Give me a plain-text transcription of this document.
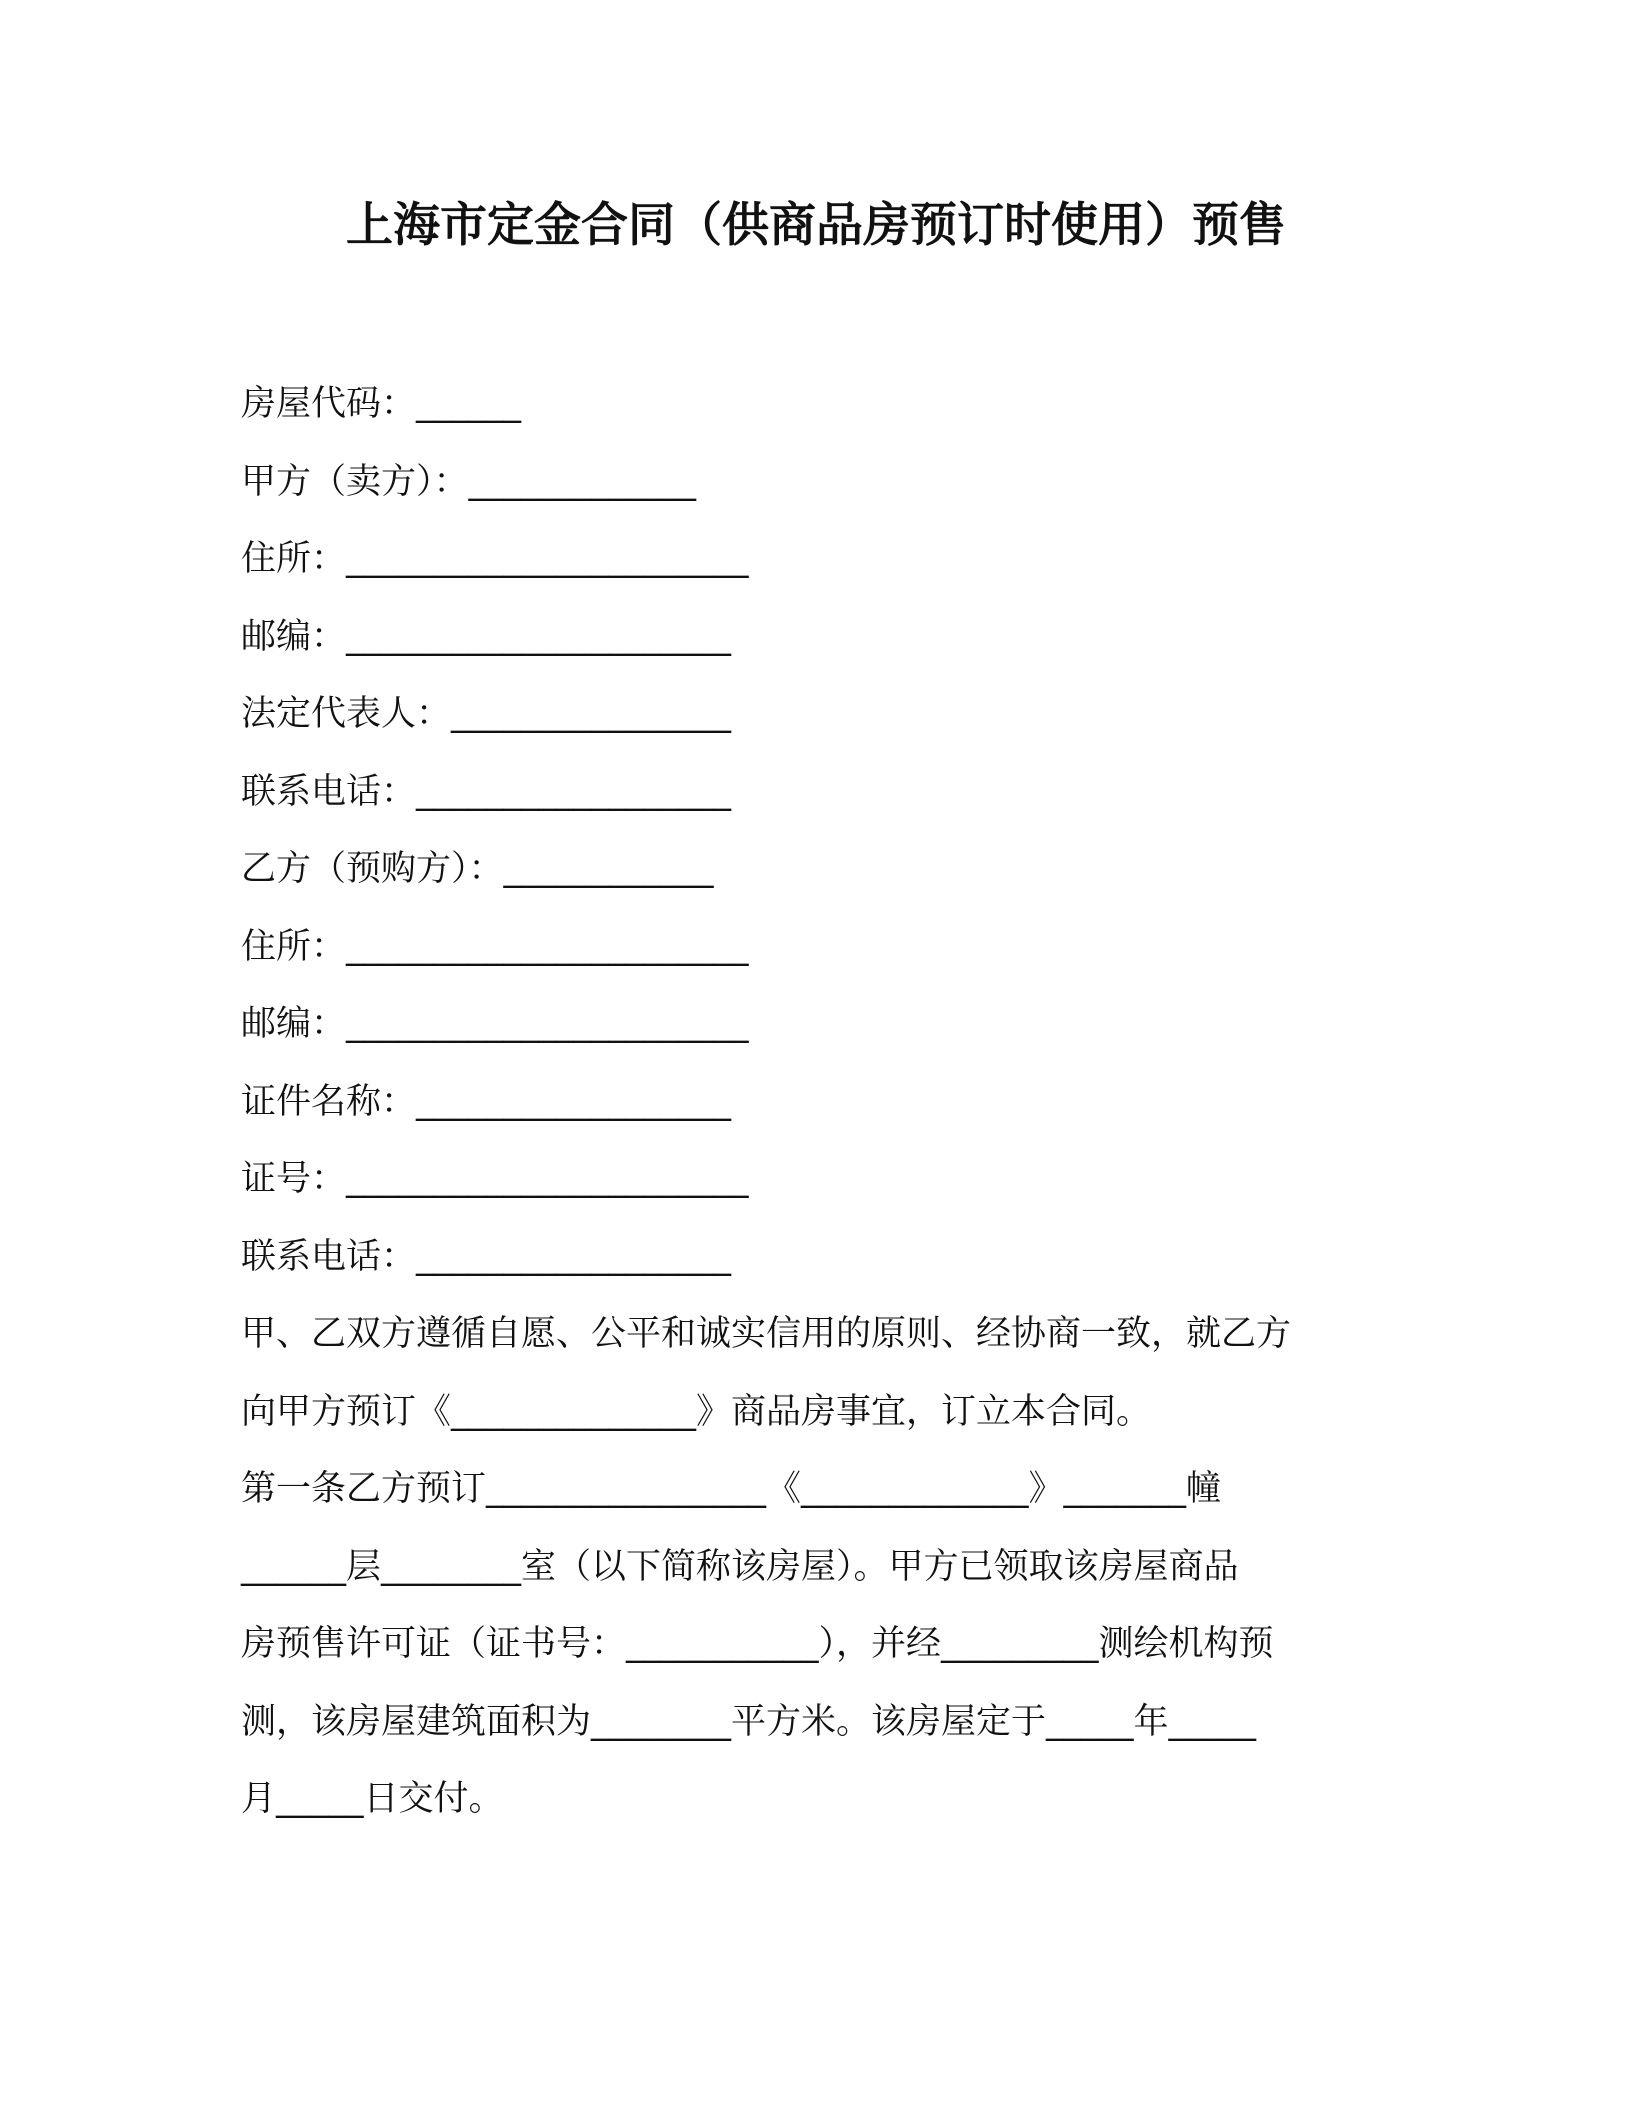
上海市定金合同（供商品房预订时使用）预售

房屋代码：______

甲方（卖方）：_____________

住所：_______________________

邮编：______________________

法定代表人：________________

联系电话：__________________

乙方（预购方）：____________

住所：_______________________

邮编：_______________________

证件名称：__________________

证号：_______________________

联系电话：__________________

甲、乙双方遵循自愿、公平和诚实信用的原则、经协商一致，就乙方

向甲方预订《______________》商品房事宜，订立本合同。

第一条乙方预订________________《_____________》_______幢

______层________室（以下简称该房屋）。甲方已领取该房屋商品

房预售许可证（证书号：___________），并经_________测绘机构预

测，该房屋建筑面积为________平方米。该房屋定于_____年_____

月_____日交付。
